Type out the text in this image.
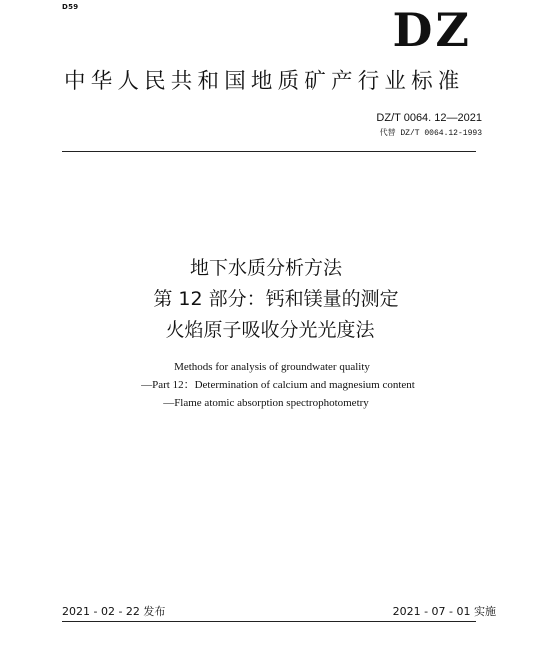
D59	DZ
中华人民共和国地质矿产行业标准
DZ/T 0064. 12—2021
代替 DZ/T 0064.12-1993
地下水质分析方法
第 12 部分：钙和镁量的测定
火焰原子吸收分光光度法
Methods for analysis of groundwater quality
—Part 12：Determination of calcium and magnesium content
—Flame atomic absorption spectrophotometry
2021 - 02 - 22 发布	2021 - 07 - 01 实施
